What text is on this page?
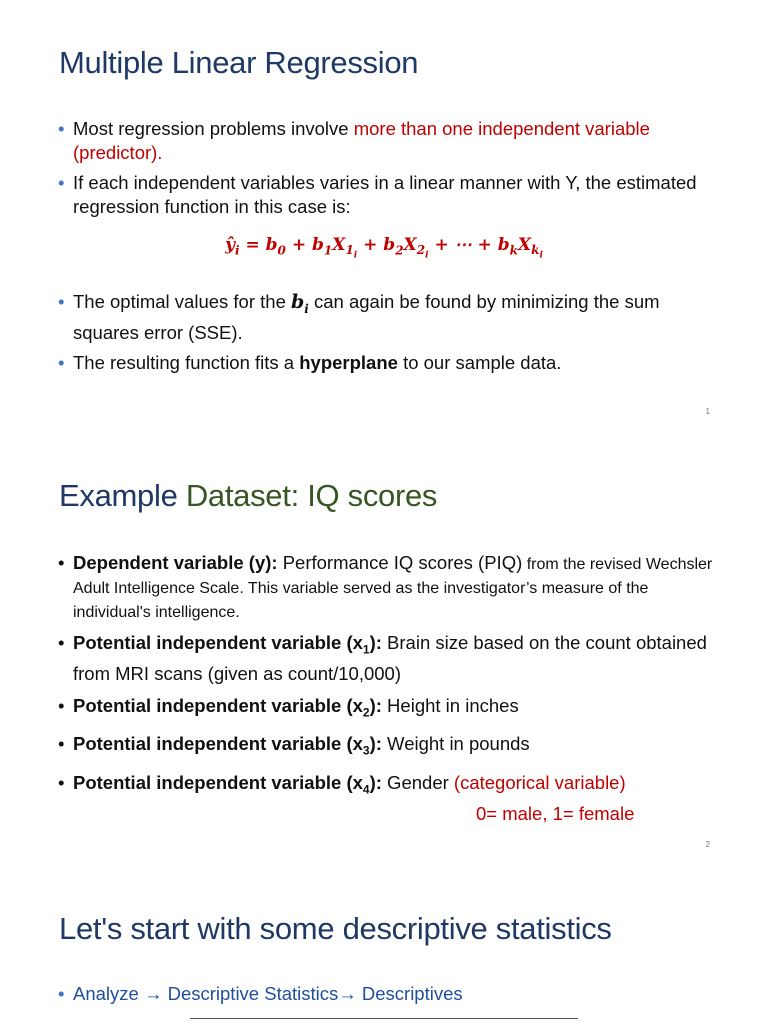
Multiple Linear Regression
• Most regression problems involve more than one independent variable (predictor).
• If each independent variables varies in a linear manner with Y, the estimated regression function in this case is:
$ŷ_i = b_0 + b_1X_{1_i} + b_2X_{2_i}$ + ⋯ + $b_kX_{k_i}$
• The optimal values for the $b_i$ can again be found by minimizing the sum squares error (SSE).
• The resulting function fits a hyperplane to our sample data.
1
Example Dataset: IQ scores
• Dependent variable (y): Performance IQ scores (PIQ) from the revised Wechsler Adult Intelligence Scale. This variable served as the investigator’s measure of the individual's intelligence.
• Potential independent variable $(x_1)$: Brain size based on the count obtained from MRI scans (given as count/10,000)
• Potential independent variable $(x_2)$: Height in inches
• Potential independent variable $(x_3)$: Weight in pounds
• Potential independent variable $(x_4)$: Gender (categorical variable)
0= male, 1= female
2
Let's start with some descriptive statistics
• Analyze → Descriptive Statistics→ Descriptives
